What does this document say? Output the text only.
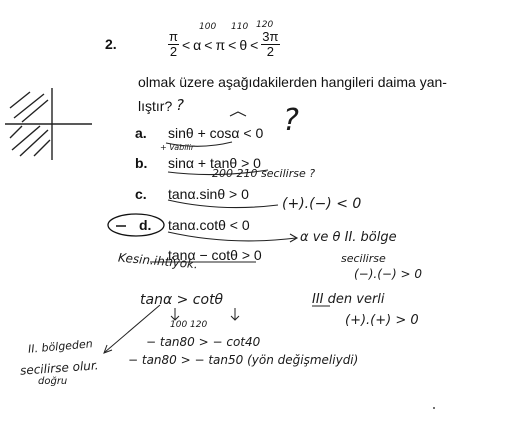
2.	$\frac{\pi}{2} < \alpha < \pi < \theta < \frac{3\pi}{2}$
100 110 120
olmak üzere aşağıdakilerden hangileri daima yan-
lıştır? ?
a. sinθ + cosα < 0
b. sinα + tanθ > 0
c. tanα.sinθ > 0
d. tanα.cotθ < 0
tanα − cotθ > 0
?
+ Vabilir
200 210 secilirse ?
(+).(−) < 0
α ve θ II. bölge
secilirse
(−).(−) > 0
Kesin.ihtiyok.
tanα > cotθ
100 120
III den verli
(+).(+) > 0
II. bölgeden
secilirse olur.
doğru
− tan80 > − cot40
− tan80 > − tan50 (yön değişmeliydi)
